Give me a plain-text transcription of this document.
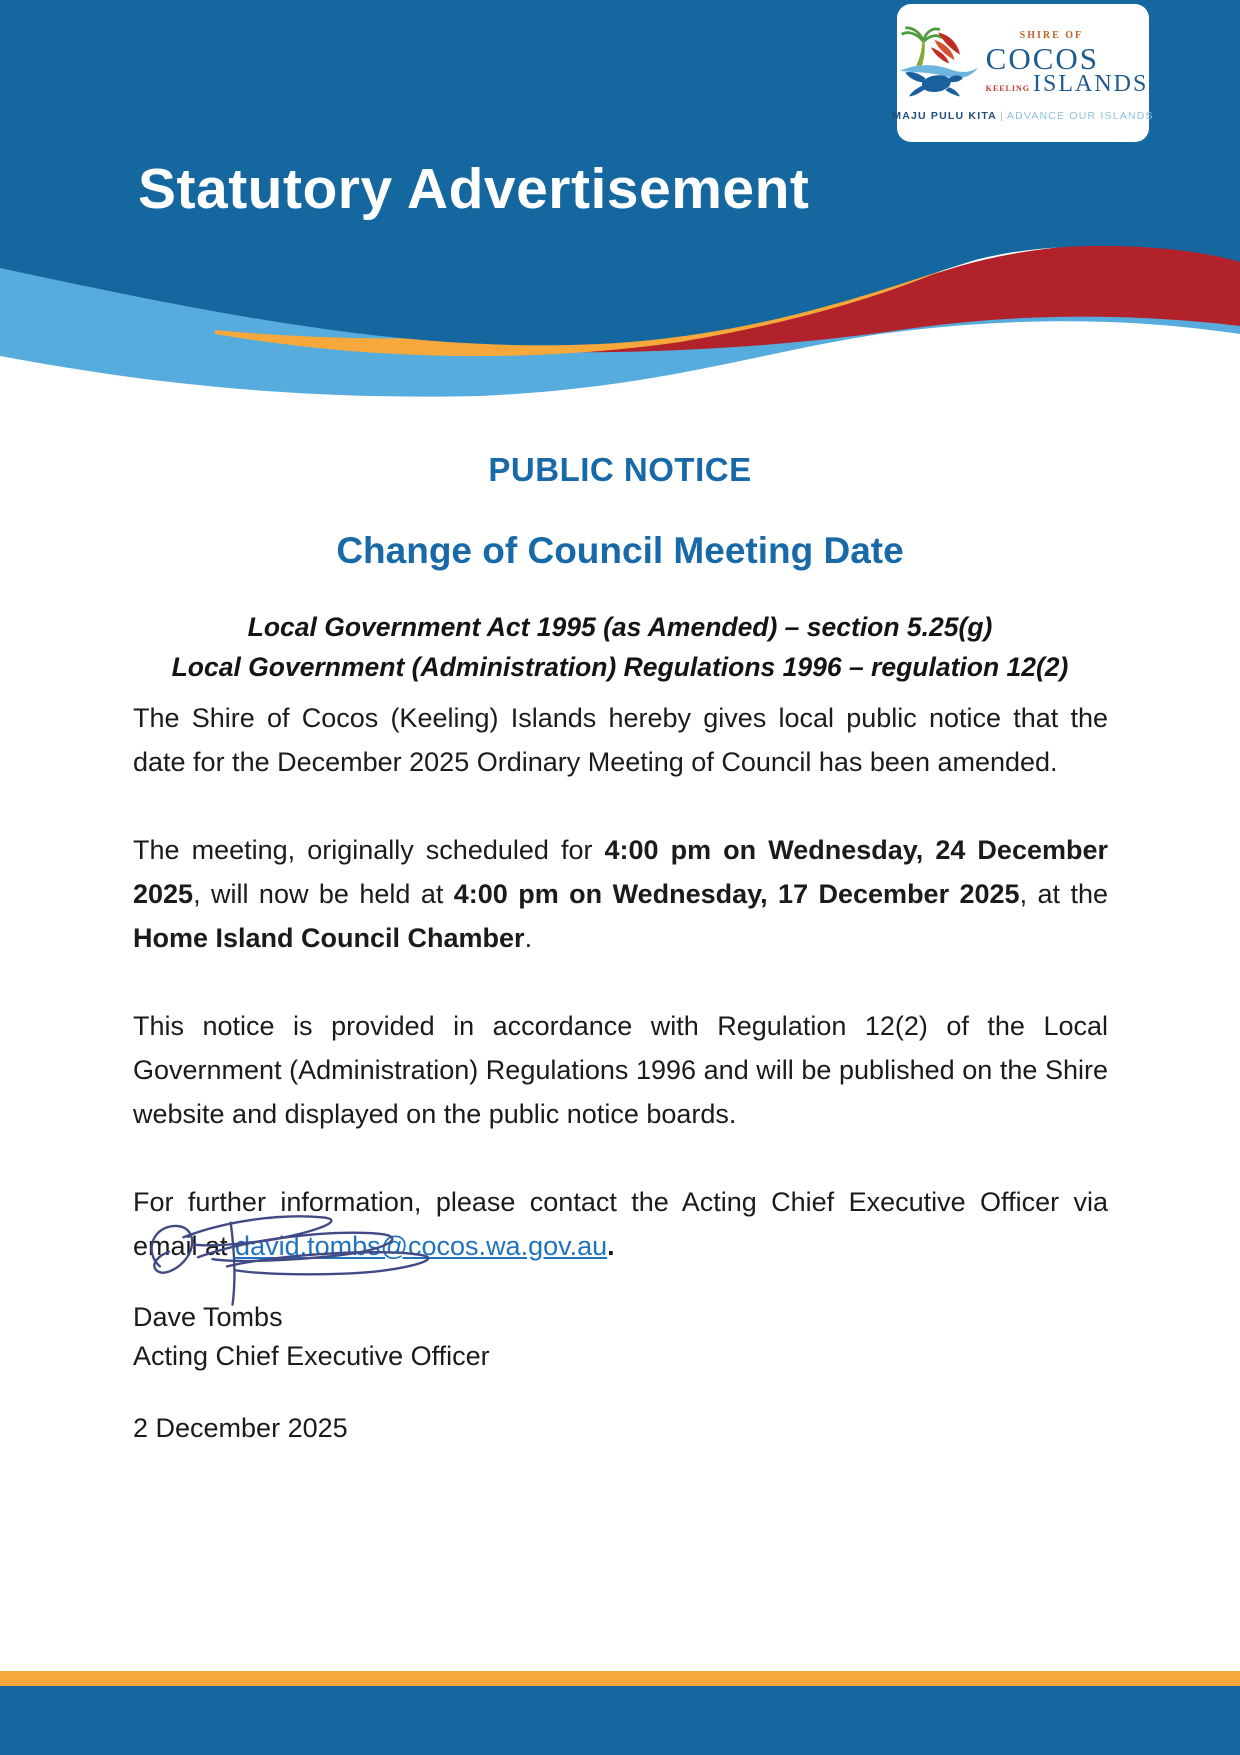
SHIRE OF
COCOS
KEELING ISLANDS
MAJU PULU KITA | ADVANCE OUR ISLANDS
Statutory Advertisement
PUBLIC NOTICE
Change of Council Meeting Date
Local Government Act 1995 (as Amended) – section 5.25(g)
Local Government (Administration) Regulations 1996 – regulation 12(2)

The Shire of Cocos (Keeling) Islands hereby gives local public notice that the date for the December 2025 Ordinary Meeting of Council has been amended.

The meeting, originally scheduled for 4:00 pm on Wednesday, 24 December 2025, will now be held at 4:00 pm on Wednesday, 17 December 2025, at the Home Island Council Chamber.

This notice is provided in accordance with Regulation 12(2) of the Local Government (Administration) Regulations 1996 and will be published on the Shire website and displayed on the public notice boards.

For further information, please contact the Acting Chief Executive Officer via email at david.tombs@cocos.wa.gov.au.

Dave Tombs
Acting Chief Executive Officer
2 December 2025
